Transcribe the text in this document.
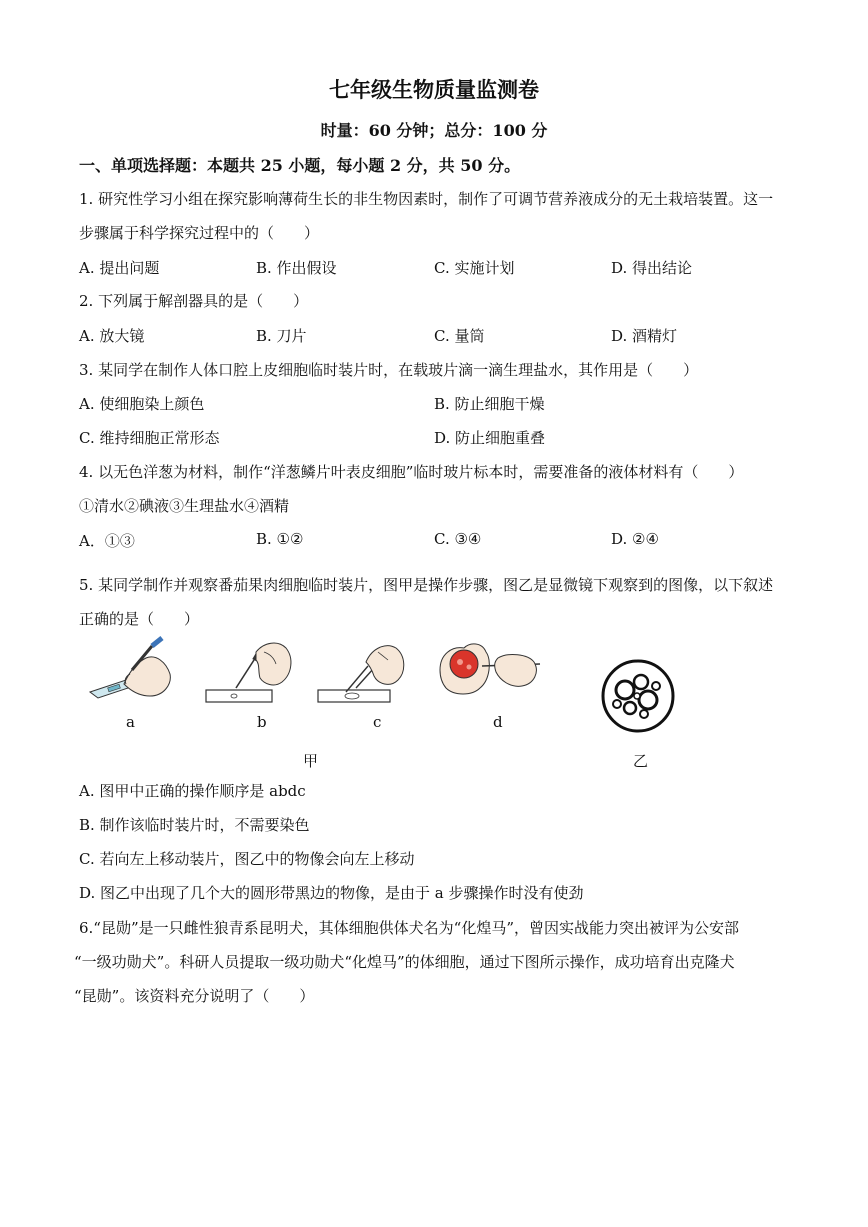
七年级生物质量监测卷
时量：60 分钟；总分：100 分
一、单项选择题：本题共 25 小题，每小题 2 分，共 50 分。
1. 研究性学习小组在探究影响薄荷生长的非生物因素时，制作了可调节营养液成分的无土栽培装置。这一
步骤属于科学探究过程中的（　　）
A. 提出问题	B. 作出假设	C. 实施计划	D. 得出结论
2. 下列属于解剖器具的是（　　）
A. 放大镜	B. 刀片	C. 量筒	D. 酒精灯
3. 某同学在制作人体口腔上皮细胞临时装片时，在载玻片滴一滴生理盐水，其作用是（　　）
A. 使细胞染上颜色	B. 防止细胞干燥
C. 维持细胞正常形态	D. 防止细胞重叠
4. 以无色洋葱为材料，制作“洋葱鳞片叶表皮细胞”临时玻片标本时，需要准备的液体材料有（　　）
①清水②碘液③生理盐水④酒精
A．①③	B. ①②	C. ③④	D. ②④
5. 某同学制作并观察番茄果肉细胞临时装片，图甲是操作步骤，图乙是显微镜下观察到的图像，以下叙述
正确的是（　　）
a	b	c	d
甲	乙
A. 图甲中正确的操作顺序是 abdc
B. 制作该临时装片时，不需要染色
C. 若向左上移动装片，图乙中的物像会向左上移动
D. 图乙中出现了几个大的圆形带黑边的物像，是由于 a 步骤操作时没有使劲
6.“昆勋”是一只雌性狼青系昆明犬，其体细胞供体犬名为“化煌马”，曾因实战能力突出被评为公安部
“一级功勋犬”。科研人员提取一级功勋犬“化煌马”的体细胞，通过下图所示操作，成功培育出克隆犬
“昆勋”。该资料充分说明了（　　）
